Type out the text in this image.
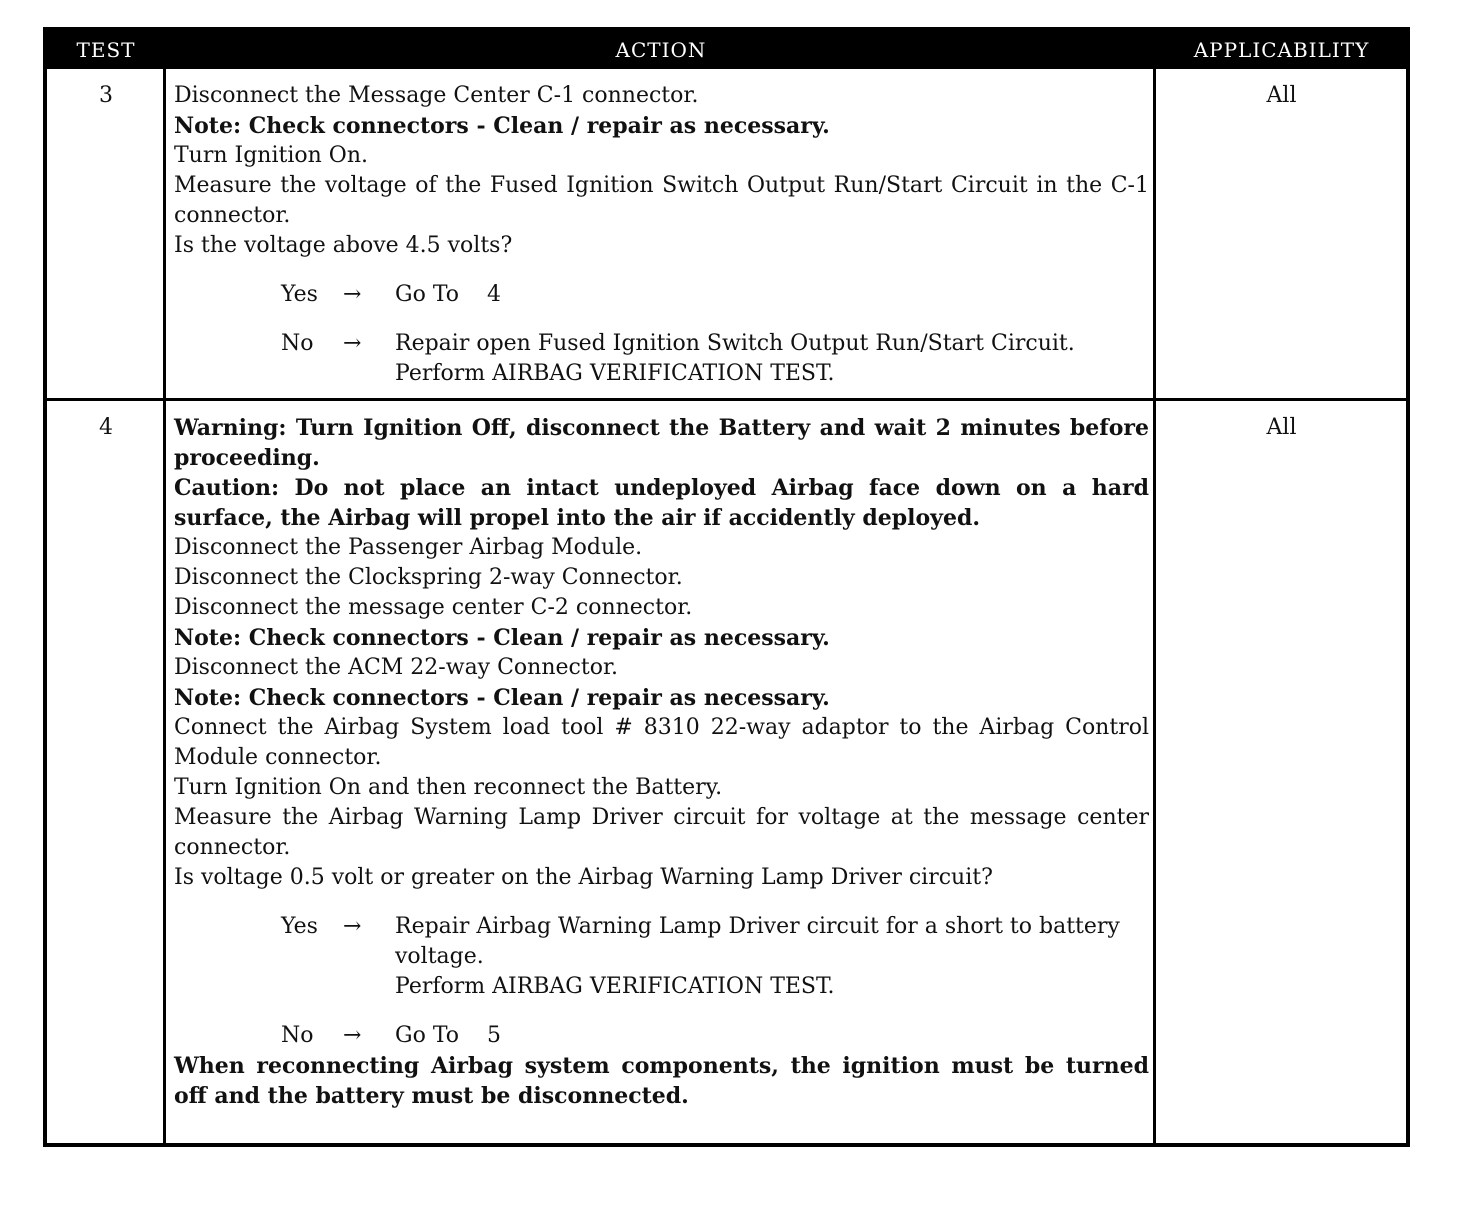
TEST	ACTION	APPLICABILITY
3	Disconnect the Message Center C-1 connector.

Note: Check connectors - Clean / repair as necessary.

Turn Ignition On.

Measure the voltage of the Fused Ignition Switch Output Run/Start Circuit in the C-1 connector.

Is the voltage above 4.5 volts?

Yes	→	Go To    4
No	→	Repair open Fused Ignition Switch Output Run/Start Circuit.
Perform AIRBAG VERIFICATION TEST.
All
4	Warning: Turn Ignition Off, disconnect the Battery and wait 2 minutes before proceeding.

Caution: Do not place an intact undeployed Airbag face down on a hard surface, the Airbag will propel into the air if accidently deployed.

Disconnect the Passenger Airbag Module.

Disconnect the Clockspring 2-way Connector.

Disconnect the message center C-2 connector.

Note: Check connectors - Clean / repair as necessary.

Disconnect the ACM 22-way Connector.

Note: Check connectors - Clean / repair as necessary.

Connect the Airbag System load tool # 8310 22-way adaptor to the Airbag Control Module connector.

Turn Ignition On and then reconnect the Battery.

Measure the Airbag Warning Lamp Driver circuit for voltage at the message center connector.

Is voltage 0.5 volt or greater on the Airbag Warning Lamp Driver circuit?

Yes	→	Repair Airbag Warning Lamp Driver circuit for a short to battery voltage.
Perform AIRBAG VERIFICATION TEST.
No	→	Go To    5

When reconnecting Airbag system components, the ignition must be turned off and the battery must be disconnected.

All
